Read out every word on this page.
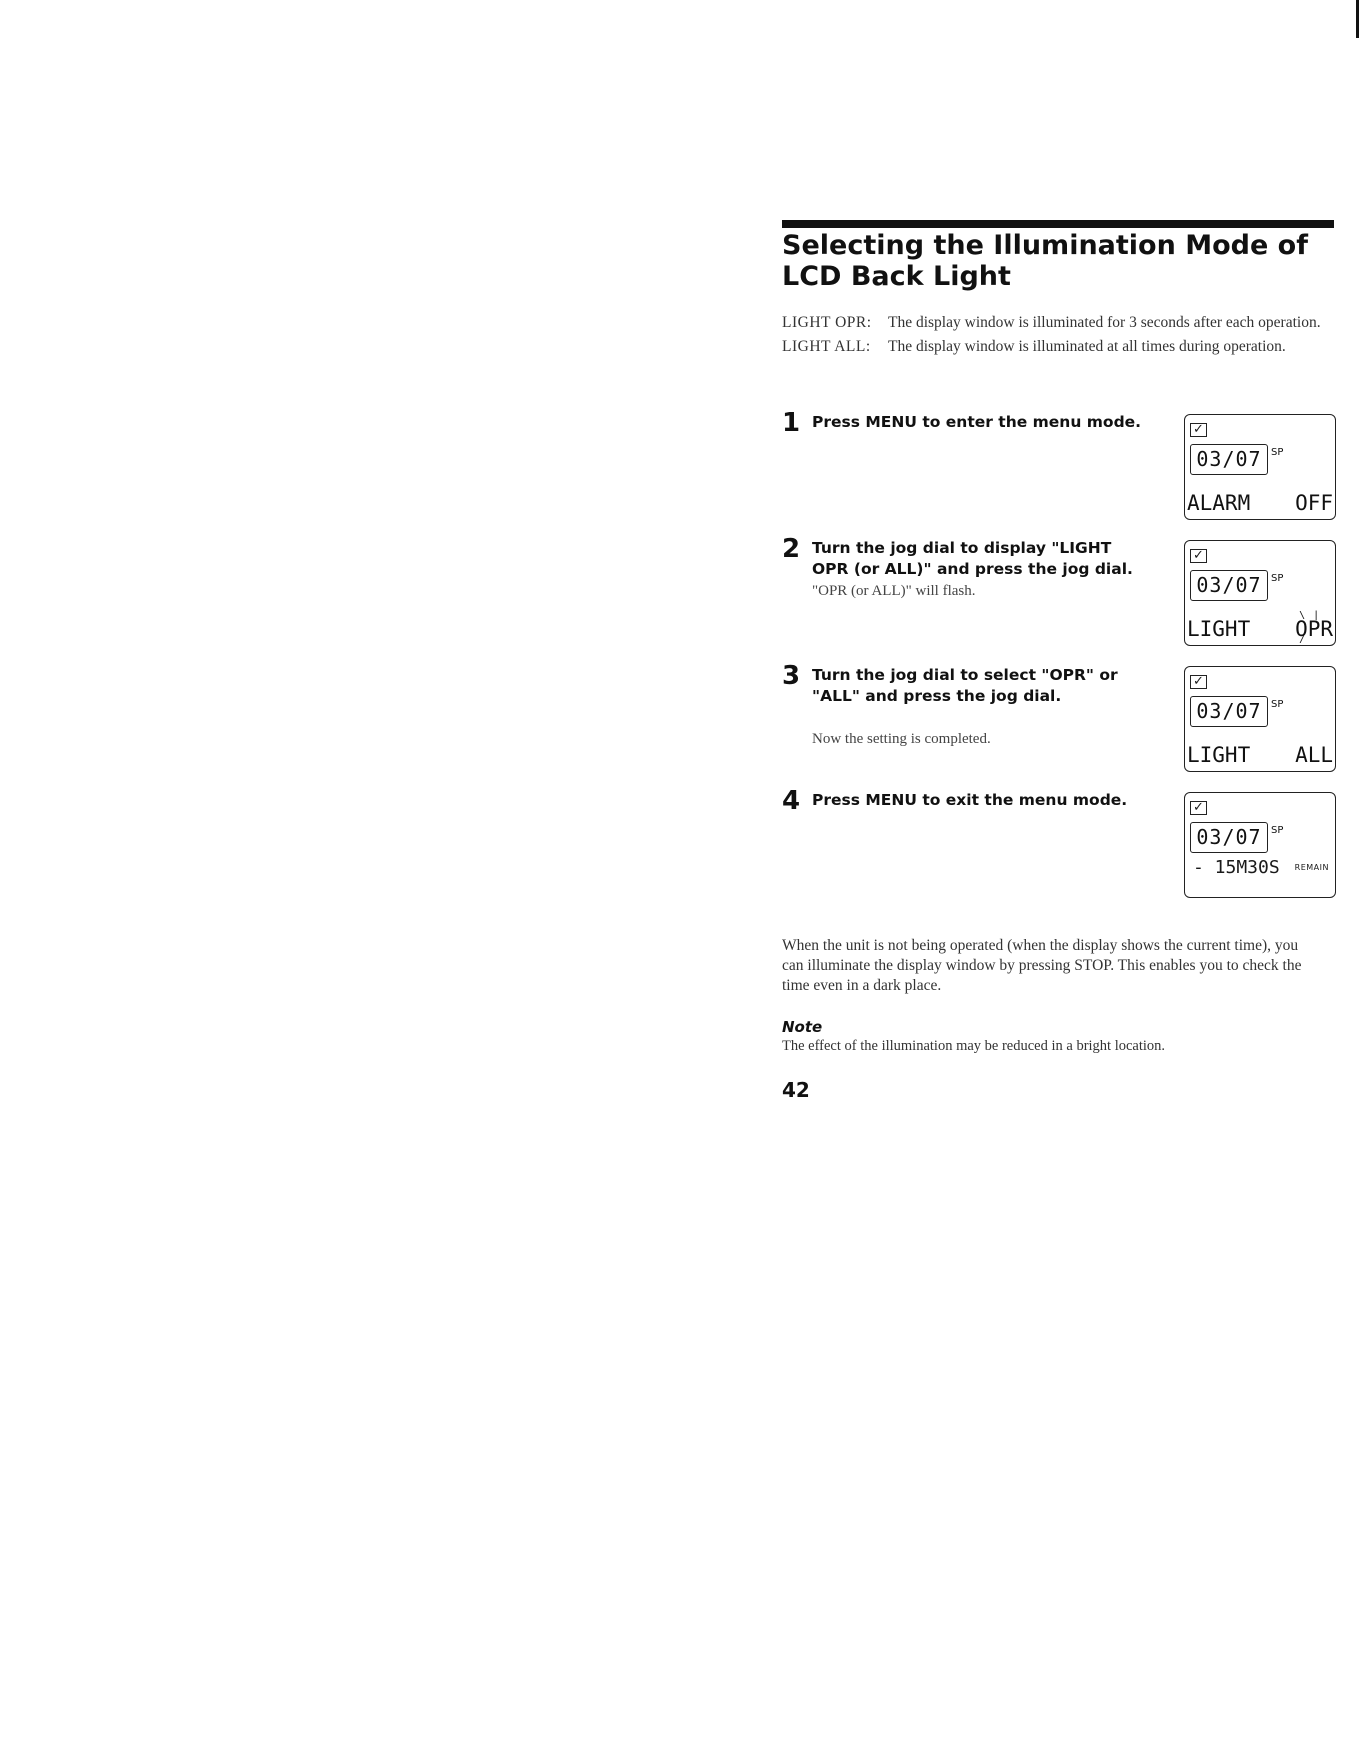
Selecting the Illumination Mode of LCD Back Light
LIGHT OPR:	The display window is illuminated for 3 seconds after each operation.
LIGHT ALL:	The display window is illuminated at all times during operation.
1 Press MENU to enter the menu mode.	✓
03/07 SP
ALARM OFF
2 Turn the jog dial to display "LIGHT OPR (or ALL)" and press the jog dial.
"OPR (or ALL)" will flash.
✓
03/07 SP
LIGHT
\ | / OPR
3 Turn the jog dial to select "OPR" or "ALL" and press the jog dial.
Now the setting is completed.
✓
03/07 SP
LIGHT ALL
4 Press MENU to exit the menu mode.	✓
03/07 SP
- 15M30S REMAIN
When the unit is not being operated (when the display shows the current time), you can illuminate the display window by pressing STOP. This enables you to check the time even in a dark place.
Note
The effect of the illumination may be reduced in a bright location.
42
